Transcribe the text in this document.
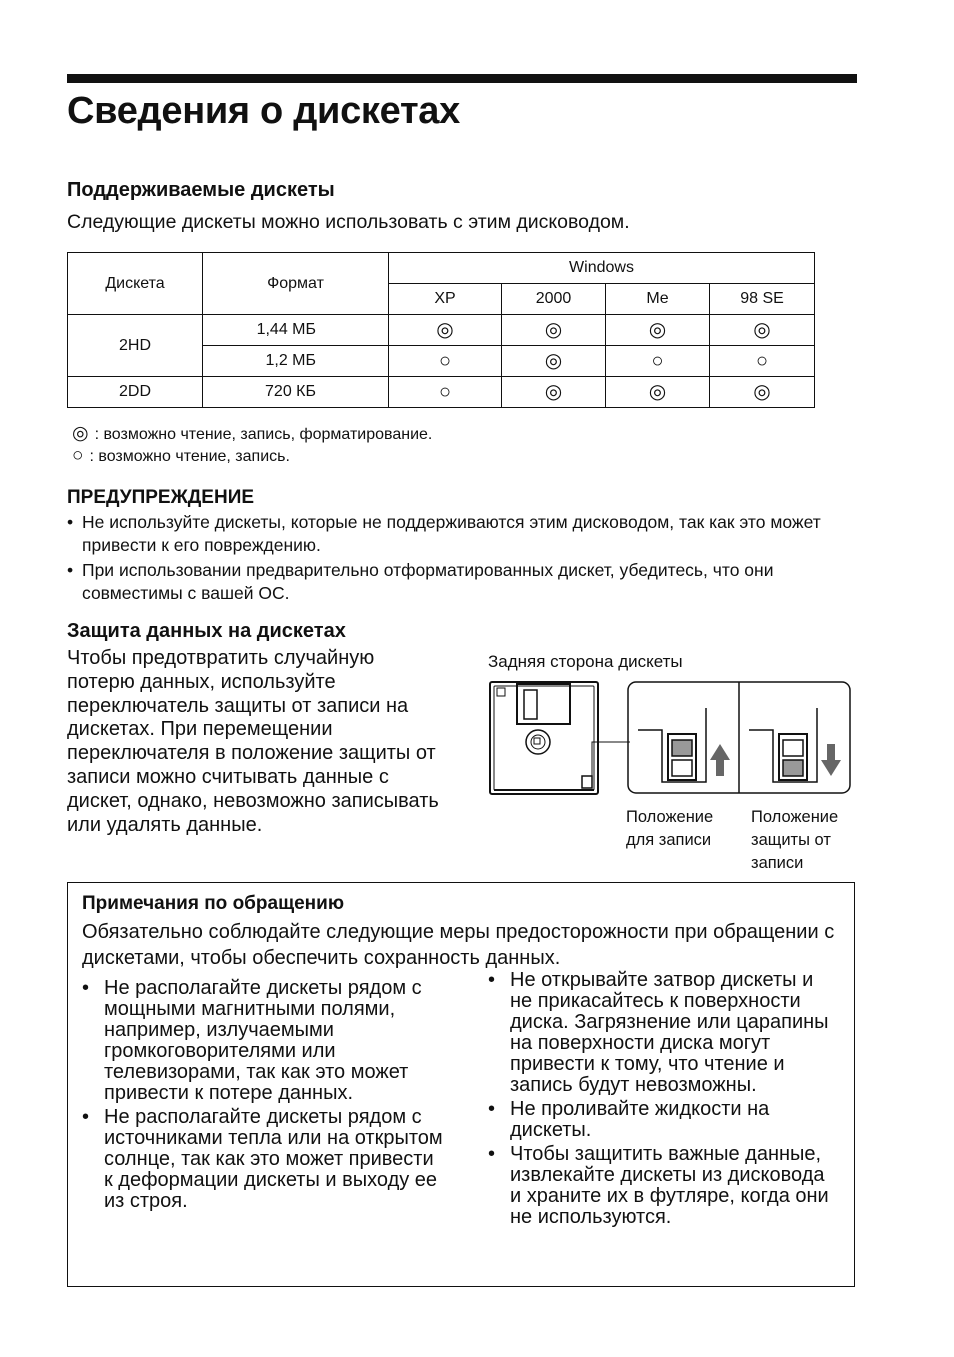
Сведения о дискетах
Поддерживаемые дискеты

Следующие дискеты можно использовать с этим дисководом.

Дискета	Формат	Windows			
		XP	2000	Me	98 SE
2HD	1,44 МБ	◎	◎	◎	◎
	1,2 МБ	○	◎	○	○
2DD	720 КБ	○	◎	◎	◎
◎ : возможно чтение, запись, форматирование.
○ : возможно чтение, запись.
ПРЕДУПРЕЖДЕНИЕ
• Не используйте дискеты, которые не поддерживаются этим дисководом, так как это может привести к его повреждению.
• При использовании предварительно отформатированных дискет, убедитесь, что они совместимы с вашей ОС.
Защита данных на дискетах

Чтобы предотвратить случайную потерю данных, используйте переключатель защиты от записи на дискетах. При перемещении переключателя в положение защиты от записи можно считывать данные с дискет, однако, невозможно записывать или удалять данные.

Задняя сторона дискеты

Положение для записи

Положение защиты от записи

Примечания по обращению

Обязательно соблюдайте следующие меры предосторожности при обращении с дискетами, чтобы обеспечить сохранность данных.

• Не располагайте дискеты рядом с мощными магнитными полями, например, излучаемыми громкоговорителями или телевизорами, так как это может привести к потере данных.
• Не располагайте дискеты рядом с источниками тепла или на открытом солнце, так как это может привести к деформации дискеты и выходу ее из строя.
• Не открывайте затвор дискеты и не прикасайтесь к поверхности диска. Загрязнение или царапины на поверхности диска могут привести к тому, что чтение и запись будут невозможны.
• Не проливайте жидкости на дискеты.
• Чтобы защитить важные данные, извлекайте дискеты из дисковода и храните их в футляре, когда они не используются.
